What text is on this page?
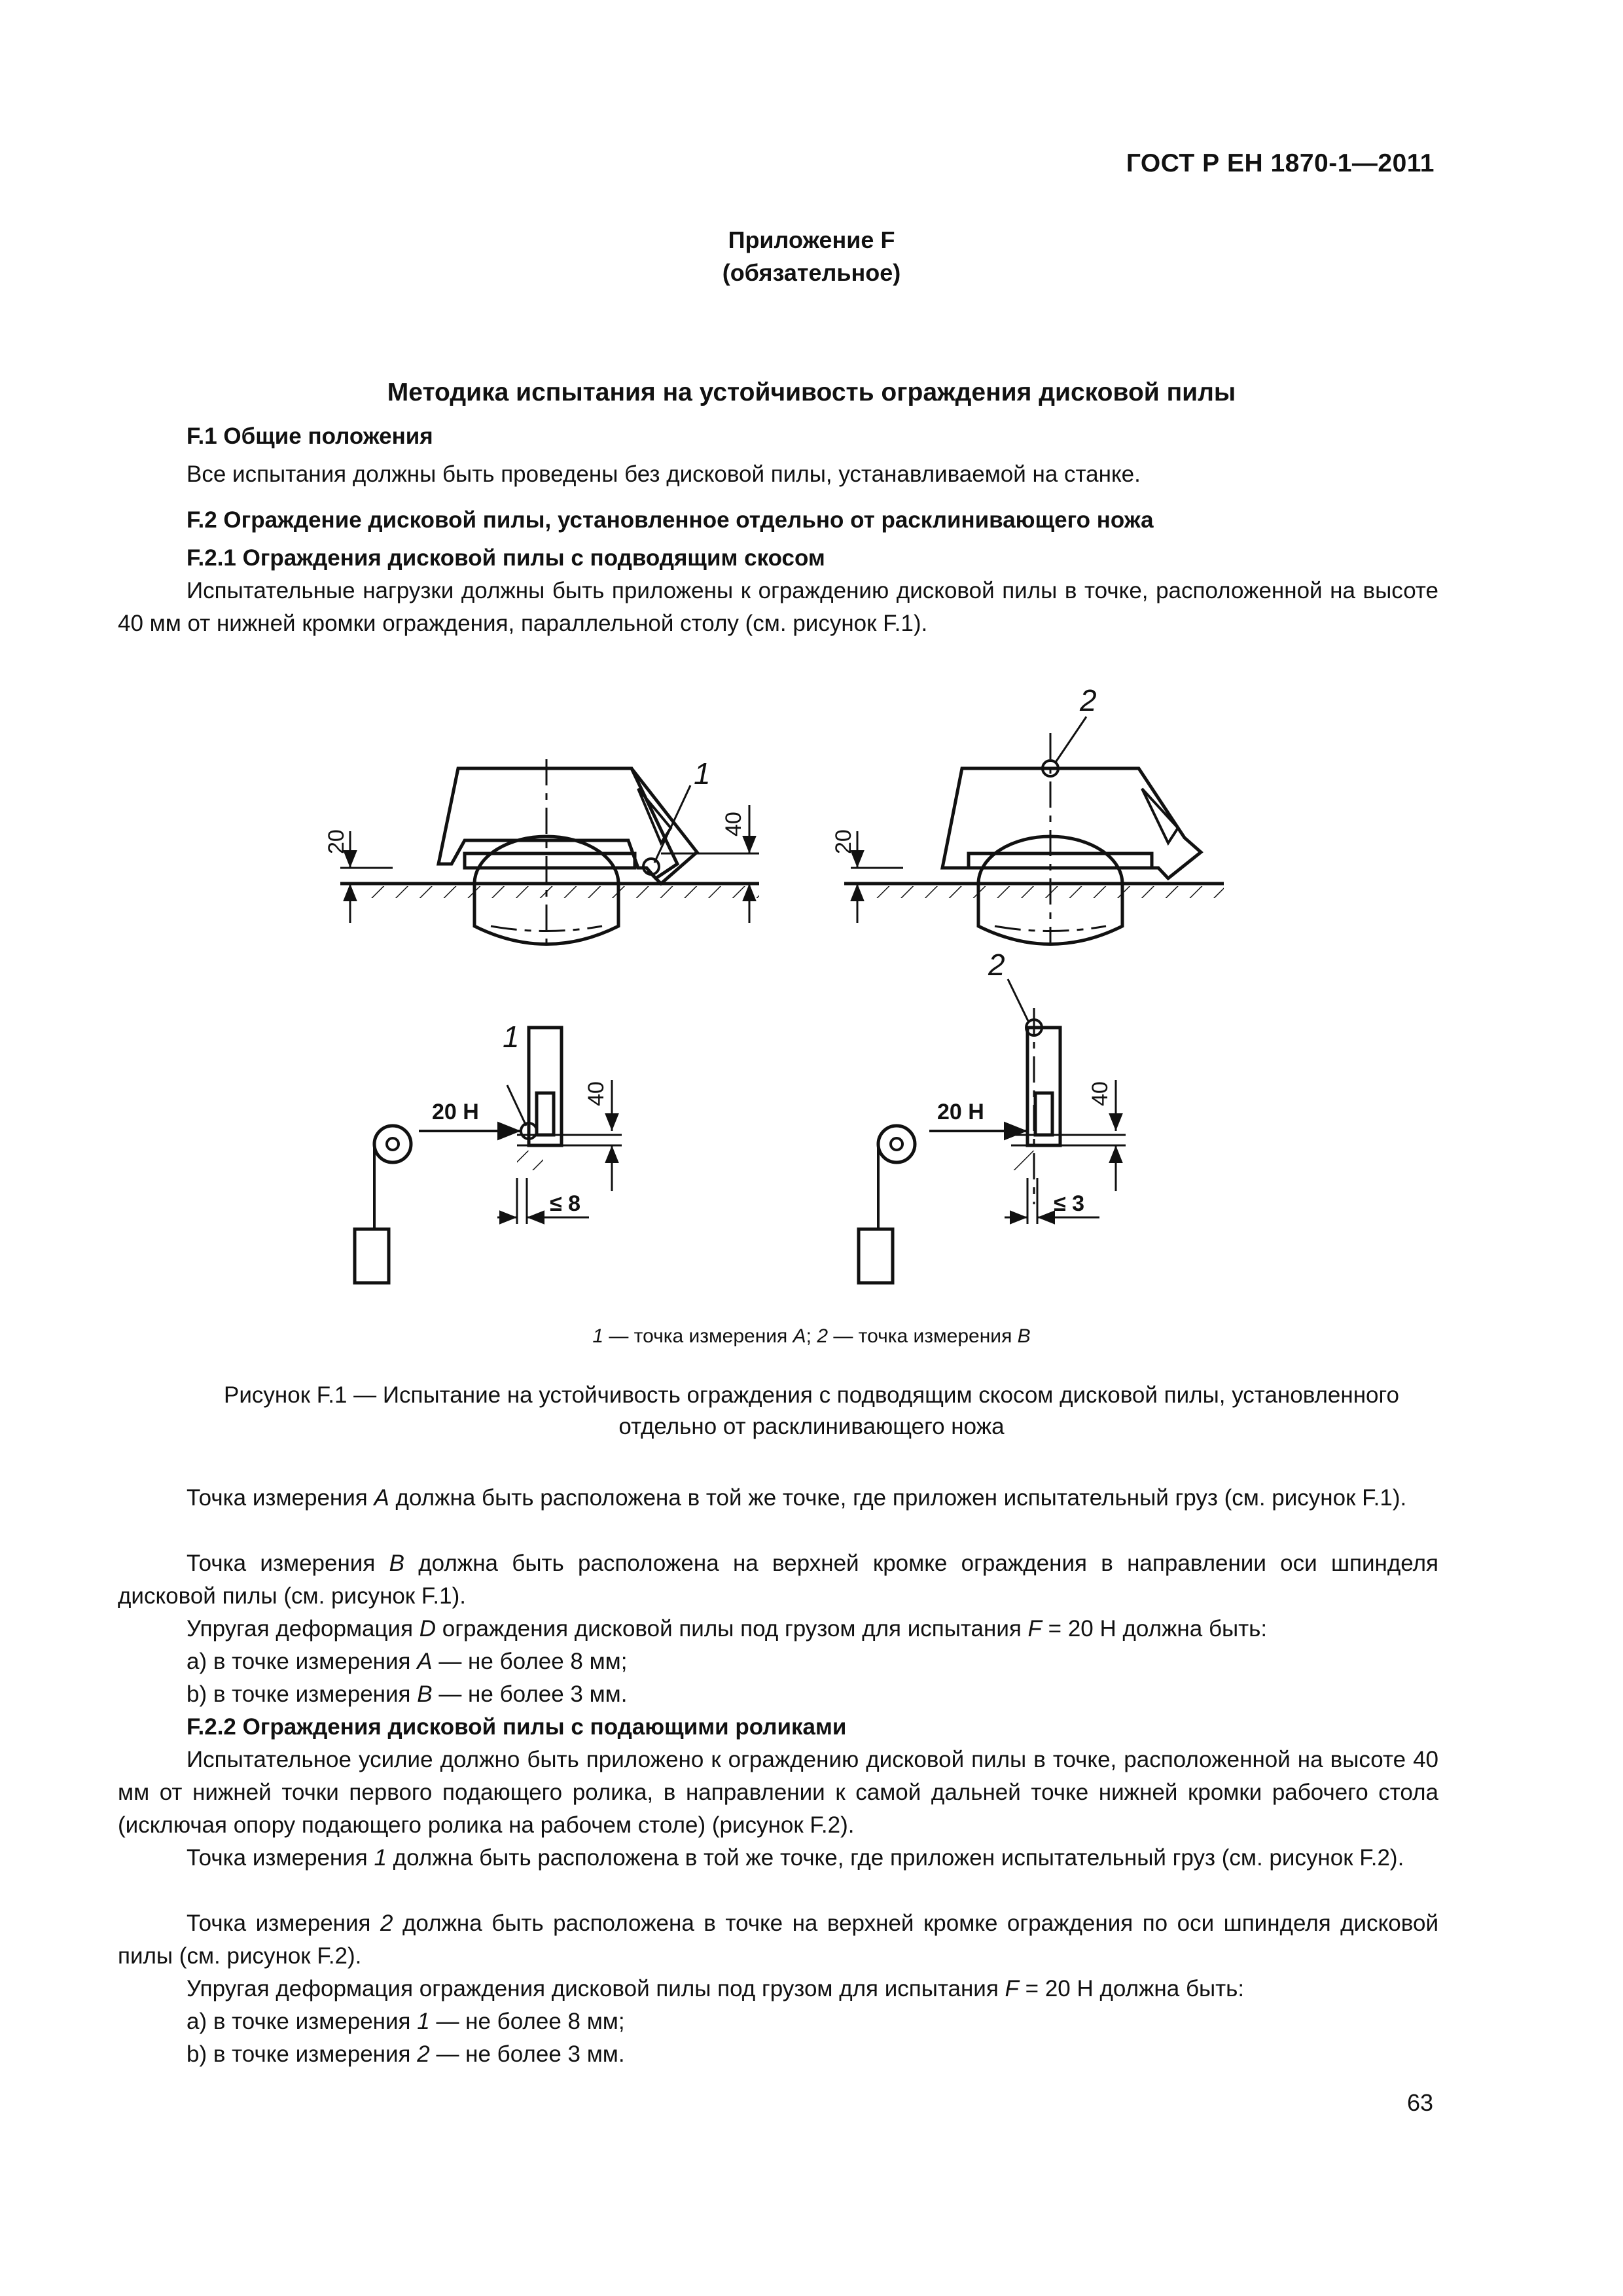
ГОСТ Р ЕН 1870-1—2011
Приложение F
(обязательное)
Методика испытания на устойчивость ограждения дисковой пилы
F.1 Общие положения
Все испытания должны быть проведены без дисковой пилы, устанавливаемой на станке.
F.2 Ограждение дисковой пилы, установленное отдельно от расклинивающего ножа
F.2.1 Ограждения дисковой пилы с подводящим скосом
Испытательные нагрузки должны быть приложены к ограждению дисковой пилы в точке, расположенной на высоте 40 мм от нижней кромки ограждения, параллельной столу (см. рисунок F.1).
1
20
40
2
20
1
20 Н
40
≤ 8
2
20 Н
40
≤ 3
1 — точка измерения A; 2 — точка измерения B
Рисунок F.1 — Испытание на устойчивость ограждения с подводящим скосом дисковой пилы, установленного
отдельно от расклинивающего ножа
Точка измерения A должна быть расположена в той же точке, где приложен испытательный груз (см. рисунок F.1).
Точка измерения B должна быть расположена на верхней кромке ограждения в направлении оси шпинделя дисковой пилы (см. рисунок F.1).
Упругая деформация D ограждения дисковой пилы под грузом для испытания F = 20 Н должна быть:
a) в точке измерения A — не более 8 мм;
b) в точке измерения B — не более 3 мм.
F.2.2 Ограждения дисковой пилы с подающими роликами
Испытательное усилие должно быть приложено к ограждению дисковой пилы в точке, расположенной на высоте 40 мм от нижней точки первого подающего ролика, в направлении к самой дальней точке нижней кромки рабочего стола (исключая опору подающего ролика на рабочем столе) (рисунок F.2).
Точка измерения 1 должна быть расположена в той же точке, где приложен испытательный груз (см. рисунок F.2).
Точка измерения 2 должна быть расположена в точке на верхней кромке ограждения по оси шпинделя дисковой пилы (см. рисунок F.2).
Упругая деформация ограждения дисковой пилы под грузом для испытания F = 20 Н должна быть:
a) в точке измерения 1 — не более 8 мм;
b) в точке измерения 2 — не более 3 мм.
63
